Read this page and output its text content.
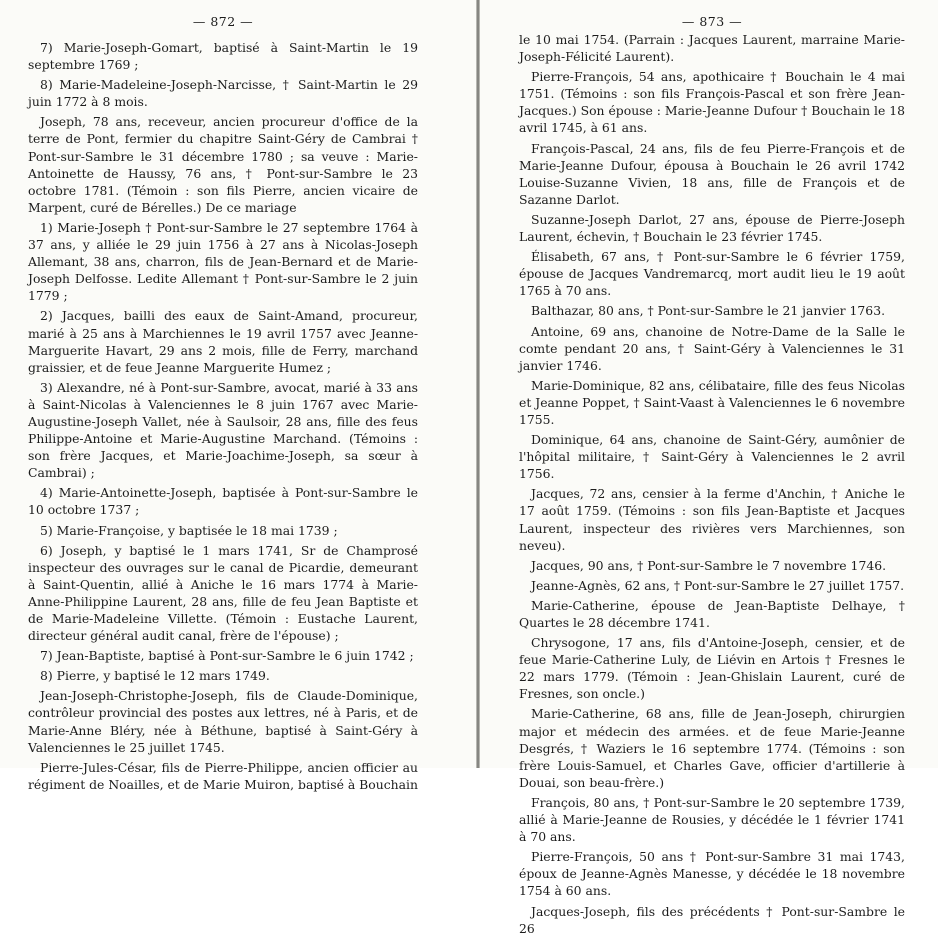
— 872 —

7) Marie-Joseph-Gomart, baptisé à Saint-Martin le 19 septembre 1769 ;

8) Marie-Madeleine-Joseph-Narcisse, † Saint-Martin le 29 juin 1772 à 8 mois.

Joseph, 78 ans, receveur, ancien procureur d'office de la terre de Pont, fermier du chapitre Saint-Géry de Cambrai † Pont-sur-Sambre le 31 décembre 1780 ; sa veuve : Marie-Antoinette de Haussy, 76 ans, † Pont-sur-Sambre le 23 octobre 1781. (Témoin : son fils Pierre, ancien vicaire de Marpent, curé de Bérelles.) De ce mariage

1) Marie-Joseph † Pont-sur-Sambre le 27 septembre 1764 à 37 ans, y alliée le 29 juin 1756 à 27 ans à Nicolas-Joseph Allemant, 38 ans, charron, fils de Jean-Bernard et de Marie-Joseph Delfosse. Ledite Allemant † Pont-sur-Sambre le 2 juin 1779 ;

2) Jacques, bailli des eaux de Saint-Amand, procureur, marié à 25 ans à Marchiennes le 19 avril 1757 avec Jeanne-Marguerite Havart, 29 ans 2 mois, fille de Ferry, marchand graissier, et de feue Jeanne Marguerite Humez ;

3) Alexandre, né à Pont-sur-Sambre, avocat, marié à 33 ans à Saint-Nicolas à Valenciennes le 8 juin 1767 avec Marie-Augustine-Joseph Vallet, née à Saulsoir, 28 ans, fille des feus Philippe-Antoine et Marie-Augustine Marchand. (Témoins : son frère Jacques, et Marie-Joachime-Joseph, sa sœur à Cambrai) ;

4) Marie-Antoinette-Joseph, baptisée à Pont-sur-Sambre le 10 octobre 1737 ;

5) Marie-Françoise, y baptisée le 18 mai 1739 ;

6) Joseph, y baptisé le 1 mars 1741, Sr de Champrosé inspecteur des ouvrages sur le canal de Picardie, demeurant à Saint-Quentin, allié à Aniche le 16 mars 1774 à Marie-Anne-Philippine Laurent, 28 ans, fille de feu Jean Baptiste et de Marie-Madeleine Villette. (Témoin : Eustache Laurent, directeur général audit canal, frère de l'épouse) ;

7) Jean-Baptiste, baptisé à Pont-sur-Sambre le 6 juin 1742 ;

8) Pierre, y baptisé le 12 mars 1749.

Jean-Joseph-Christophe-Joseph, fils de Claude-Dominique, contrôleur provincial des postes aux lettres, né à Paris, et de Marie-Anne Bléry, née à Béthune, baptisé à Saint-Géry à Valenciennes le 25 juillet 1745.

Pierre-Jules-César, fils de Pierre-Philippe, ancien officier au régiment de Noailles, et de Marie Muiron, baptisé à Bouchain

— 873 —

le 10 mai 1754. (Parrain : Jacques Laurent, marraine Marie-Joseph-Félicité Laurent).

Pierre-François, 54 ans, apothicaire † Bouchain le 4 mai 1751. (Témoins : son fils François-Pascal et son frère Jean-Jacques.) Son épouse : Marie-Jeanne Dufour † Bouchain le 18 avril 1745, à 61 ans.

François-Pascal, 24 ans, fils de feu Pierre-François et de Marie-Jeanne Dufour, épousa à Bouchain le 26 avril 1742 Louise-Suzanne Vivien, 18 ans, fille de François et de Sazanne Darlot.

Suzanne-Joseph Darlot, 27 ans, épouse de Pierre-Joseph Laurent, échevin, † Bouchain le 23 février 1745.

Élisabeth, 67 ans, † Pont-sur-Sambre le 6 février 1759, épouse de Jacques Vandremarcq, mort audit lieu le 19 août 1765 à 70 ans.

Balthazar, 80 ans, † Pont-sur-Sambre le 21 janvier 1763.

Antoine, 69 ans, chanoine de Notre-Dame de la Salle le comte pendant 20 ans, † Saint-Géry à Valenciennes le 31 janvier 1746.

Marie-Dominique, 82 ans, célibataire, fille des feus Nicolas et Jeanne Poppet, † Saint-Vaast à Valenciennes le 6 novembre 1755.

Dominique, 64 ans, chanoine de Saint-Géry, aumônier de l'hôpital militaire, † Saint-Géry à Valenciennes le 2 avril 1756.

Jacques, 72 ans, censier à la ferme d'Anchin, † Aniche le 17 août 1759. (Témoins : son fils Jean-Baptiste et Jacques Laurent, inspecteur des rivières vers Marchiennes, son neveu).

Jacques, 90 ans, † Pont-sur-Sambre le 7 novembre 1746.

Jeanne-Agnès, 62 ans, † Pont-sur-Sambre le 27 juillet 1757.

Marie-Catherine, épouse de Jean-Baptiste Delhaye, † Quartes le 28 décembre 1741.

Chrysogone, 17 ans, fils d'Antoine-Joseph, censier, et de feue Marie-Catherine Luly, de Liévin en Artois † Fresnes le 22 mars 1779. (Témoin : Jean-Ghislain Laurent, curé de Fresnes, son oncle.)

Marie-Catherine, 68 ans, fille de Jean-Joseph, chirurgien major et médecin des armées. et de feue Marie-Jeanne Desgrés, † Waziers le 16 septembre 1774. (Témoins : son frère Louis-Samuel, et Charles Gave, officier d'artillerie à Douai, son beau-frère.)

François, 80 ans, † Pont-sur-Sambre le 20 septembre 1739, allié à Marie-Jeanne de Rousies, y décédée le 1 février 1741 à 70 ans.

Pierre-François, 50 ans † Pont-sur-Sambre 31 mai 1743, époux de Jeanne-Agnès Manesse, y décédée le 18 novembre 1754 à 60 ans.

Jacques-Joseph, fils des précédents † Pont-sur-Sambre le 26
